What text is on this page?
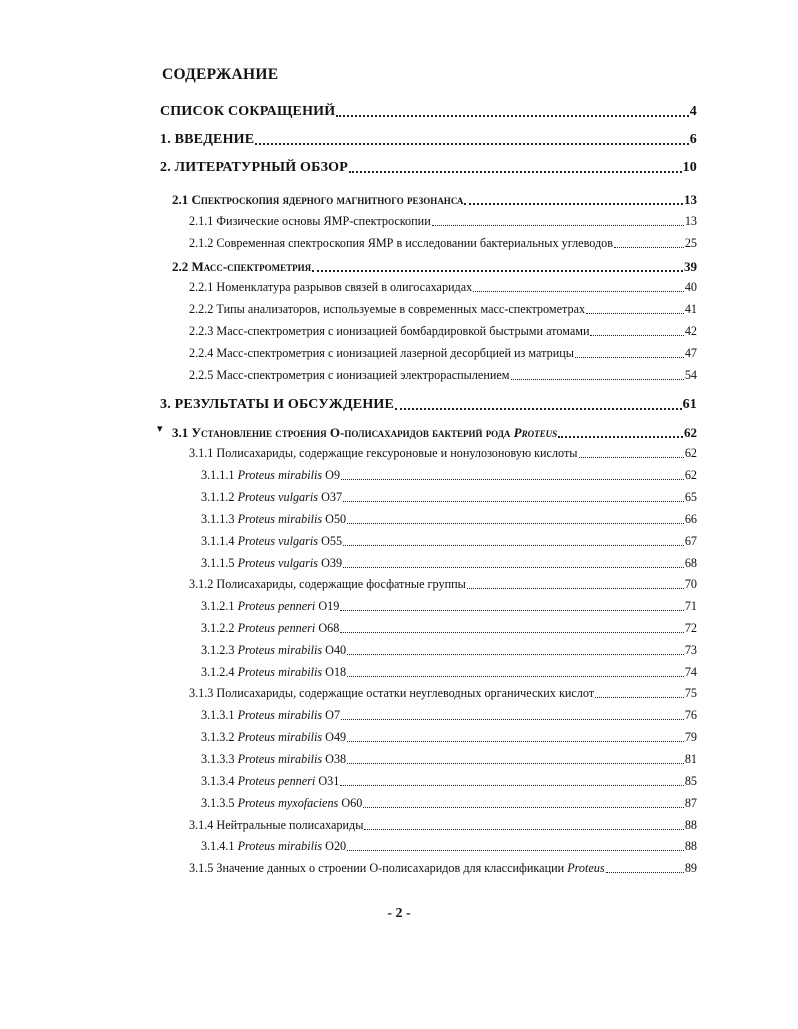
СОДЕРЖАНИЕ
СПИСОК СОКРАЩЕНИЙ	4
1. ВВЕДЕНИЕ	6
2. ЛИТЕРАТУРНЫЙ ОБЗОР	10
2.1 Спектроскопия ядерного магнитного резонанса	13
2.1.1 Физические основы ЯМР-спектроскопии	13
2.1.2 Современная спектроскопия ЯМР в исследовании бактериальных углеводов	25
2.2 Масс-спектрометрия	39
2.2.1 Номенклатура разрывов связей в олигосахаридах	40
2.2.2 Типы анализаторов, используемые в современных масс-спектрометрах	41
2.2.3 Масс-спектрометрия с ионизацией бомбардировкой быстрыми атомами	42
2.2.4 Масс-спектрометрия с ионизацией лазерной десорбцией из матрицы	47
2.2.5 Масс-спектрометрия с ионизацией электрораспылением	54
3. РЕЗУЛЬТАТЫ И ОБСУЖДЕНИЕ	61
3.1 Установление строения О-полисахаридов бактерий рода Proteus	62
3.1.1 Полисахариды, содержащие гексуроновые и нонулозоновую кислоты	62
3.1.1.1 Proteus mirabilis O9	62
3.1.1.2 Proteus vulgaris O37	65
3.1.1.3 Proteus mirabilis O50	66
3.1.1.4 Proteus vulgaris O55	67
3.1.1.5 Proteus vulgaris O39	68
3.1.2 Полисахариды, содержащие фосфатные группы	70
3.1.2.1 Proteus penneri O19	71
3.1.2.2 Proteus penneri O68	72
3.1.2.3 Proteus mirabilis O40	73
3.1.2.4 Proteus mirabilis O18	74
3.1.3 Полисахариды, содержащие остатки неуглеводных органических кислот	75
3.1.3.1 Proteus mirabilis O7	76
3.1.3.2 Proteus mirabilis O49	79
3.1.3.3 Proteus mirabilis O38	81
3.1.3.4 Proteus penneri O31	85
3.1.3.5 Proteus myxofaciens O60	87
3.1.4 Нейтральные полисахариды	88
3.1.4.1 Proteus mirabilis O20	88
3.1.5 Значение данных о строении О-полисахаридов для классификации Proteus	89
▾
- 2 -
